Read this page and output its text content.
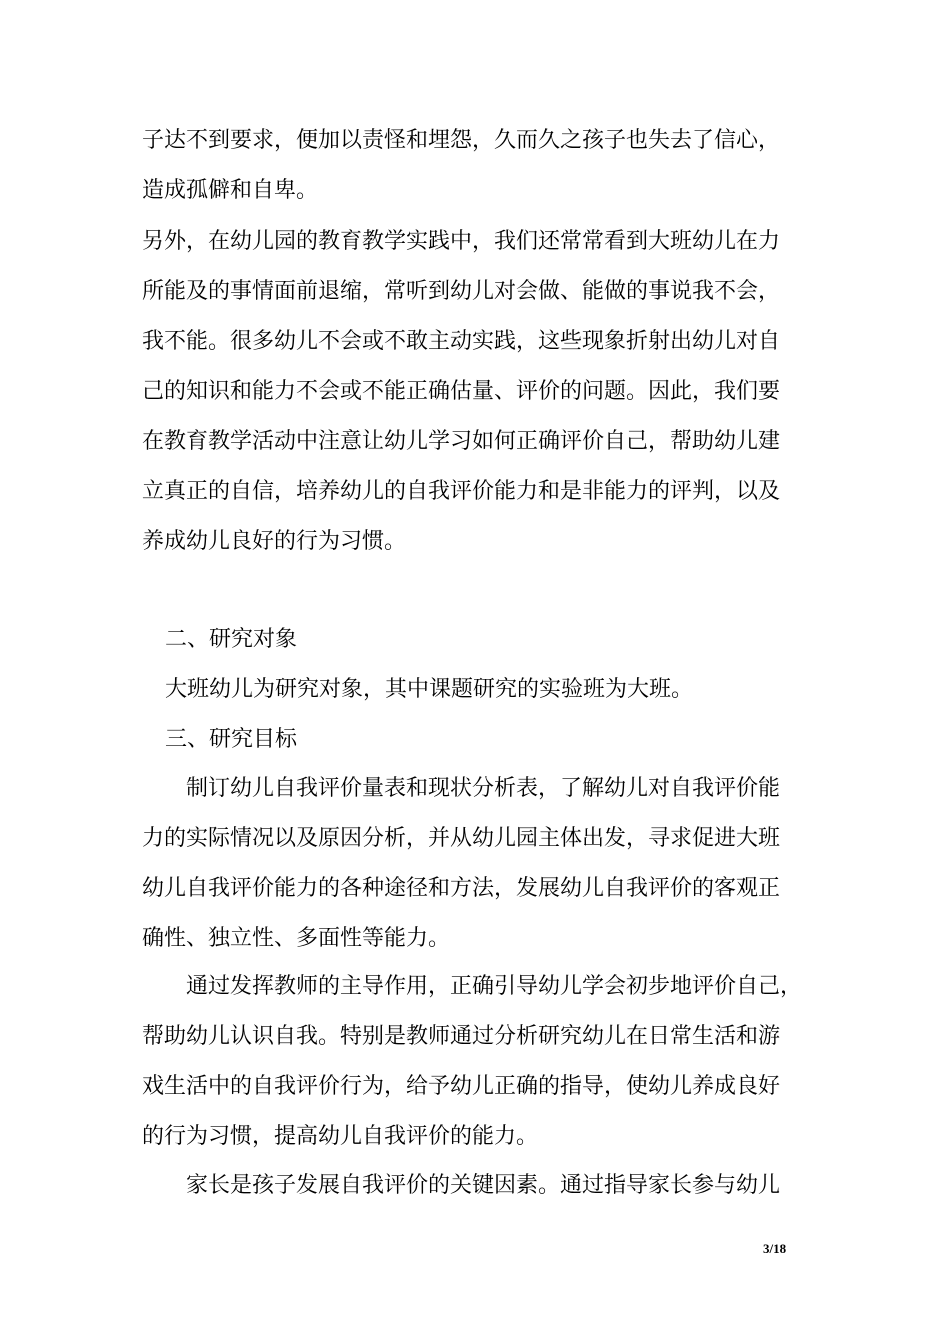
子达不到要求，便加以责怪和埋怨，久而久之孩子也失去了信心，
造成孤僻和自卑。
另外，在幼儿园的教育教学实践中，我们还常常看到大班幼儿在力
所能及的事情面前退缩，常听到幼儿对会做、能做的事说我不会，
我不能。很多幼儿不会或不敢主动实践，这些现象折射出幼儿对自
己的知识和能力不会或不能正确估量、评价的问题。因此，我们要
在教育教学活动中注意让幼儿学习如何正确评价自己，帮助幼儿建
立真正的自信，培养幼儿的自我评价能力和是非能力的评判，以及
养成幼儿良好的行为习惯。
二、研究对象
大班幼儿为研究对象，其中课题研究的实验班为大班。
三、研究目标
制订幼儿自我评价量表和现状分析表，了解幼儿对自我评价能
力的实际情况以及原因分析，并从幼儿园主体出发，寻求促进大班
幼儿自我评价能力的各种途径和方法，发展幼儿自我评价的客观正
确性、独立性、多面性等能力。
通过发挥教师的主导作用，正确引导幼儿学会初步地评价自己，
帮助幼儿认识自我。特别是教师通过分析研究幼儿在日常生活和游
戏生活中的自我评价行为，给予幼儿正确的指导，使幼儿养成良好
的行为习惯，提高幼儿自我评价的能力。
家长是孩子发展自我评价的关键因素。通过指导家长参与幼儿
3/18
